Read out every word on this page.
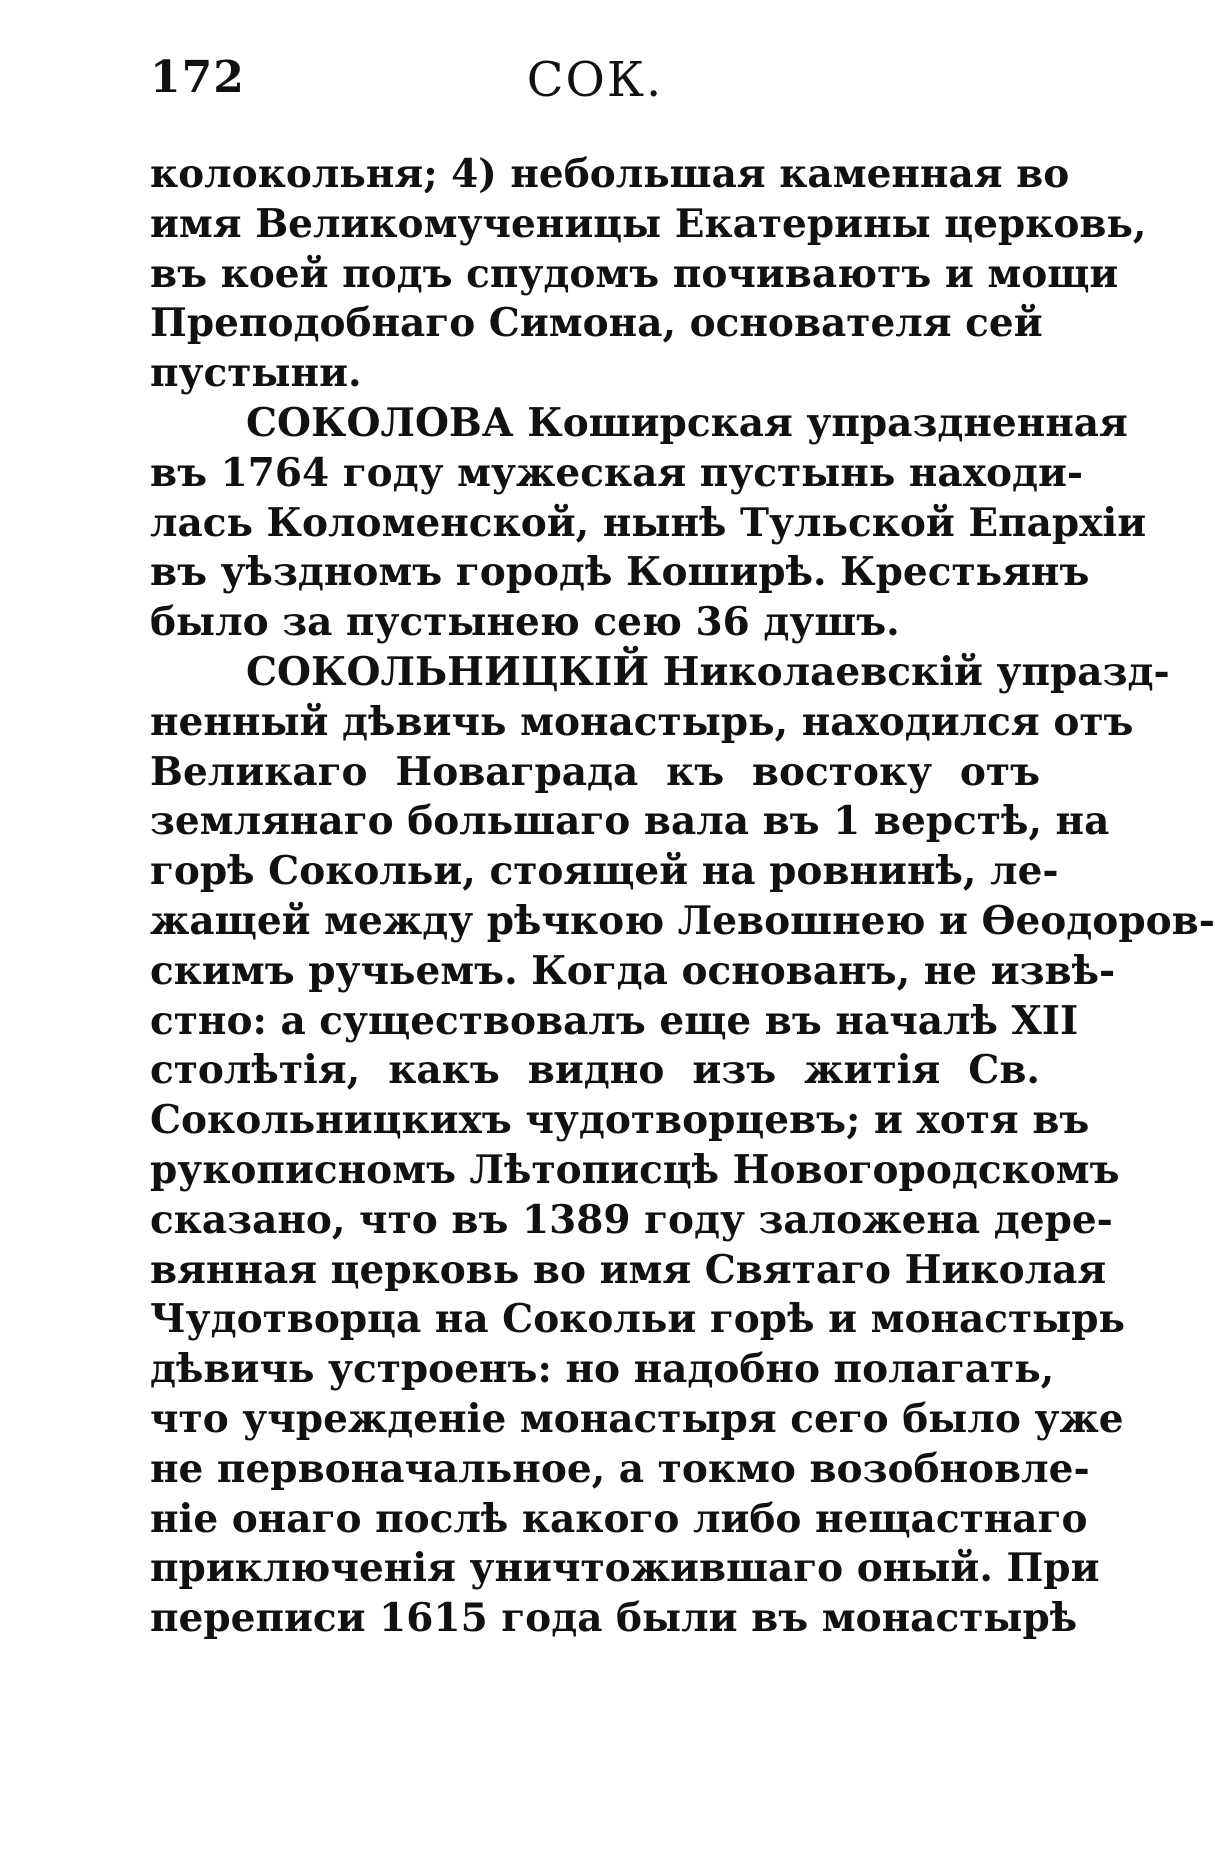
172	СОК.
колокольня; 4) небольшая каменная во
имя Великомученицы Екатерины церковь,
въ коей подъ спудомъ почиваютъ и мощи
Преподобнаго Симона, основателя сей
пустыни.
СОКОЛОВА Коширская упраздненная
въ 1764 году мужеская пустынь находи-
лась Коломенской, нынѣ Тульской Епархіи
въ уѣздномъ городѣ Коширѣ. Крестьянъ
было за пустынею сею 36 душъ.
СОКОЛЬНИЦКІЙ Николаевскій упразд-
ненный дѣвичь монастырь, находился отъ
Великаго Новаграда къ востоку отъ
землянаго большаго вала въ 1 верстѣ, на
горѣ Сокольи, стоящей на ровнинѣ, ле-
жащей между рѣчкою Левошнею и Ѳеодоров-
скимъ ручьемъ. Когда основанъ, не извѣ-
стно: а существовалъ еще въ началѣ XII
столѣтія, какъ видно изъ житія Св.
Сокольницкихъ чудотворцевъ; и хотя въ
рукописномъ Лѣтописцѣ Новогородскомъ
сказано, что въ 1389 году заложена дере-
вянная церковь во имя Святаго Николая
Чудотворца на Сокольи горѣ и монастырь
дѣвичь устроенъ: но надобно полагать,
что учрежденіе монастыря сего было уже
не первоначальное, а токмо возобновле-
ніе онаго послѣ какого либо нещастнаго
приключенія уничтожившаго оный. При
переписи 1615 года были въ монастырѣ
